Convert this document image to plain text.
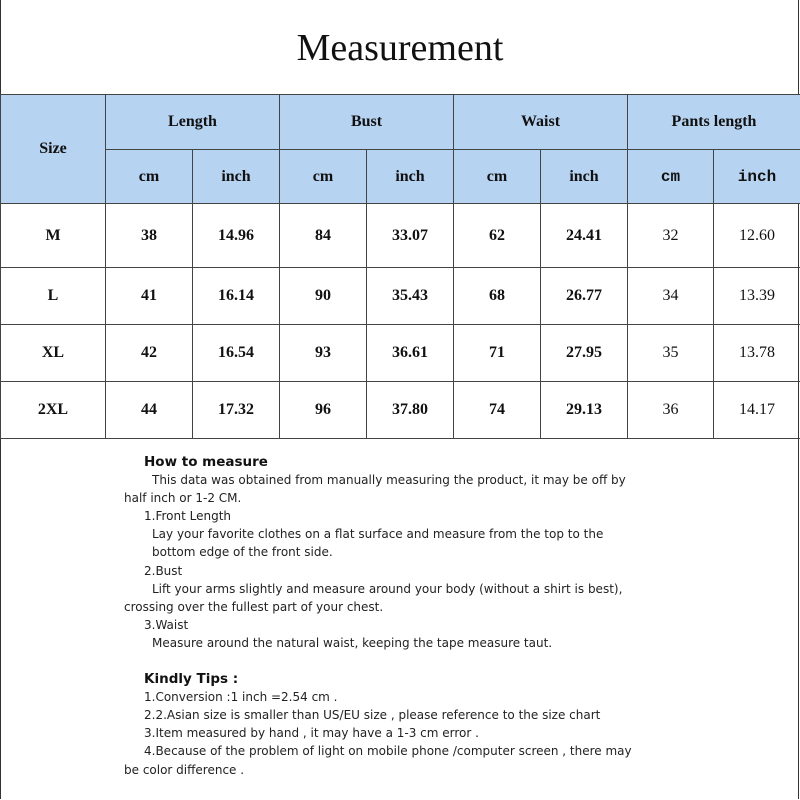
Measurement
Size	Length		Bust		Waist		Pants length	
	cm	inch	cm	inch	cm	inch	cm	inch
M	38	14.96	84	33.07	62	24.41	32	12.60
L	41	16.14	90	35.43	68	26.77	34	13.39
XL	42	16.54	93	36.61	71	27.95	35	13.78
2XL	44	17.32	96	37.80	74	29.13	36	14.17
How to measure
This data was obtained from manually measuring the product, it may be off by
half inch or 1-2 CM.
1.Front Length
Lay your favorite clothes on a flat surface and measure from the top to the
bottom edge of the front side.
2.Bust
Lift your arms slightly and measure around your body (without a shirt is best),
crossing over the fullest part of your chest.
3.Waist
Measure around the natural waist, keeping the tape measure taut.
Kindly Tips :
1.Conversion :1 inch =2.54 cm .
2.2.Asian size is smaller than US/EU size , please reference to the size chart
3.Item measured by hand , it may have a 1-3 cm error .
4.Because of the problem of light on mobile phone /computer screen , there may
be color difference .
